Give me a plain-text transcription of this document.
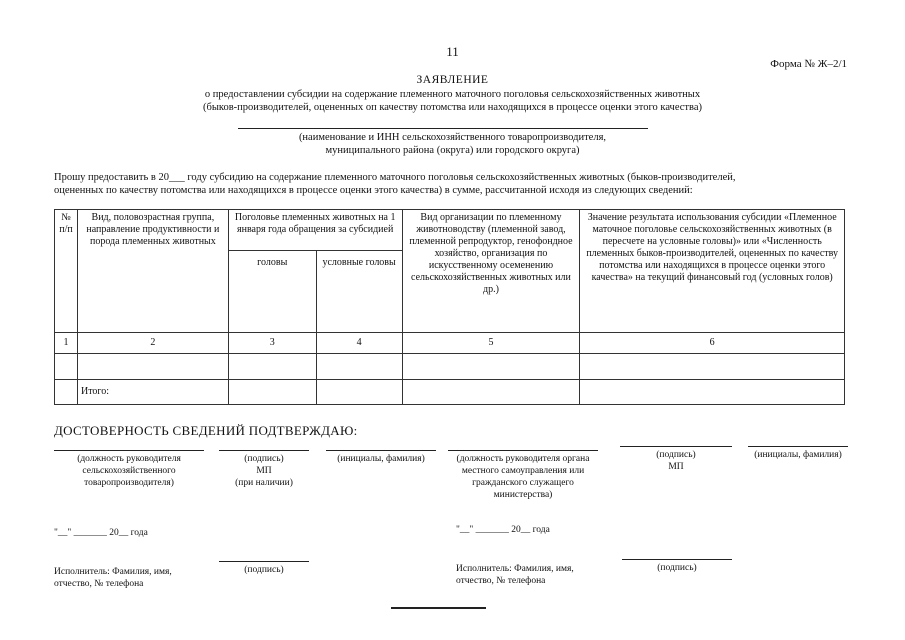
11
Форма № Ж–2/1
ЗАЯВЛЕНИЕ
о предоставлении субсидии на содержание племенного маточного поголовья сельскохозяйственных животных
(быков-производителей, оцененных оп качеству потомства или находящихся в процессе оценки этого качества)
(наименование и ИНН сельскохозяйственного товаропроизводителя,
муниципального района (округа) или городского округа)
Прошу предоставить в 20___ году субсидию на содержание племенного маточного поголовья сельскохозяйственных животных (быков-производителей,
оцененных по качеству потомства или находящихся в процессе оценки этого качества) в сумме, рассчитанной исходя из следующих сведений:
№ п/п	Вид, половозрастная группа, направление продуктивности и порода племенных животных	Поголовье племенных животных на 1 января года обращения за субсидией		Вид организации по племенному животноводству (племенной завод, племенной репродуктор, генофондное хозяйство, организация по искусственному осеменению сельскохозяйственных животных или др.)	Значение результата использования субсидии «Племенное маточное поголовье сельскохозяйственных животных (в пересчете на условные головы)» или «Численность племенных быков-производителей, оцененных по качеству потомства или находящихся в процессе оценки этого качества» на текущий финансовый год (условных голов)
		головы	условные головы		
1	2	3	4	5	6

	Итого:				
ДОСТОВЕРНОСТЬ СВЕДЕНИЙ ПОДТВЕРЖДАЮ:
(должность руководителя сельскохозяйственного товаропроизводителя)
(подпись)
МП
(при наличии)
(инициалы, фамилия)
"__" _______ 20__ года
Исполнитель: Фамилия, имя, отчество, № телефона
(подпись)
(должность руководителя органа местного самоуправления или гражданского служащего министерства)
(подпись)
МП
(инициалы, фамилия)
"__" _______ 20__ года
Исполнитель: Фамилия, имя, отчество, № телефона
(подпись)
